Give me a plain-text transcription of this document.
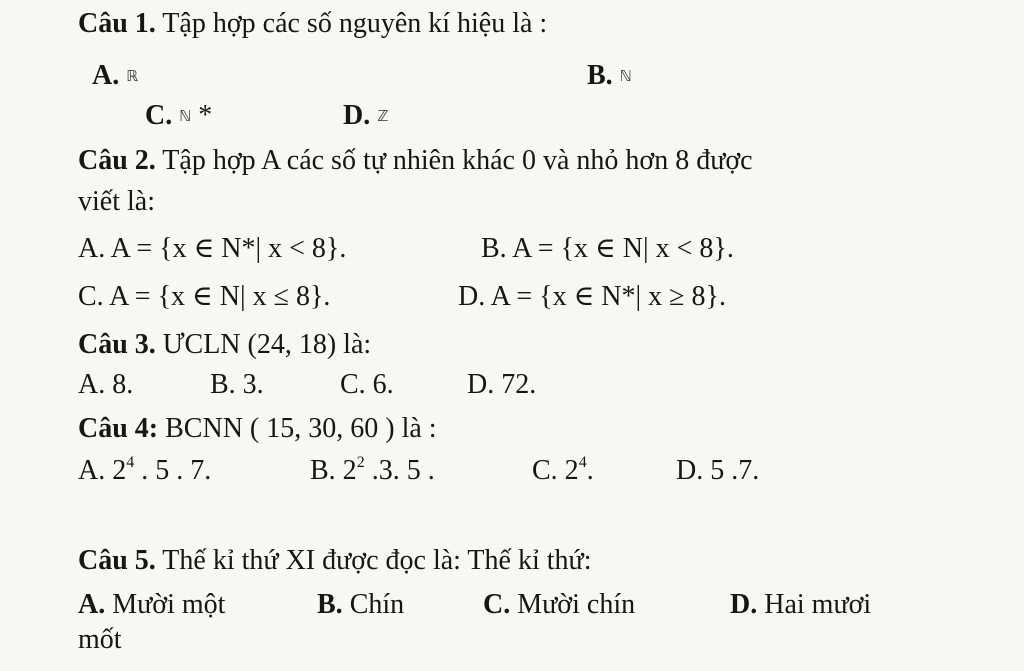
Câu 1. Tập hợp các số nguyên kí hiệu là :
A. ℝ	B. ℕ
C. ℕ *	D. ℤ
Câu 2. Tập hợp A các số tự nhiên khác 0 và nhỏ hơn 8 được
viết là:
A. A = {x ∈ N*| x < 8}.	B. A = {x ∈ N| x < 8}.
C. A = {x ∈ N| x ≤ 8}.	D. A = {x ∈ N*| x ≥ 8}.
Câu 3. ƯCLN (24, 18) là:
A. 8.	B. 3.	C. 6.	D. 72.
Câu 4: BCNN ( 15, 30, 60 ) là :
A. $2^4$ . 5 . 7.	B. $2^2$ .3. 5 .	C. $2^4$.	D. 5 .7.
Câu 5. Thế kỉ thứ XI được đọc là: Thế kỉ thứ:
A. Mười một	B. Chín	C. Mười chín	D. Hai mươi
mốt
